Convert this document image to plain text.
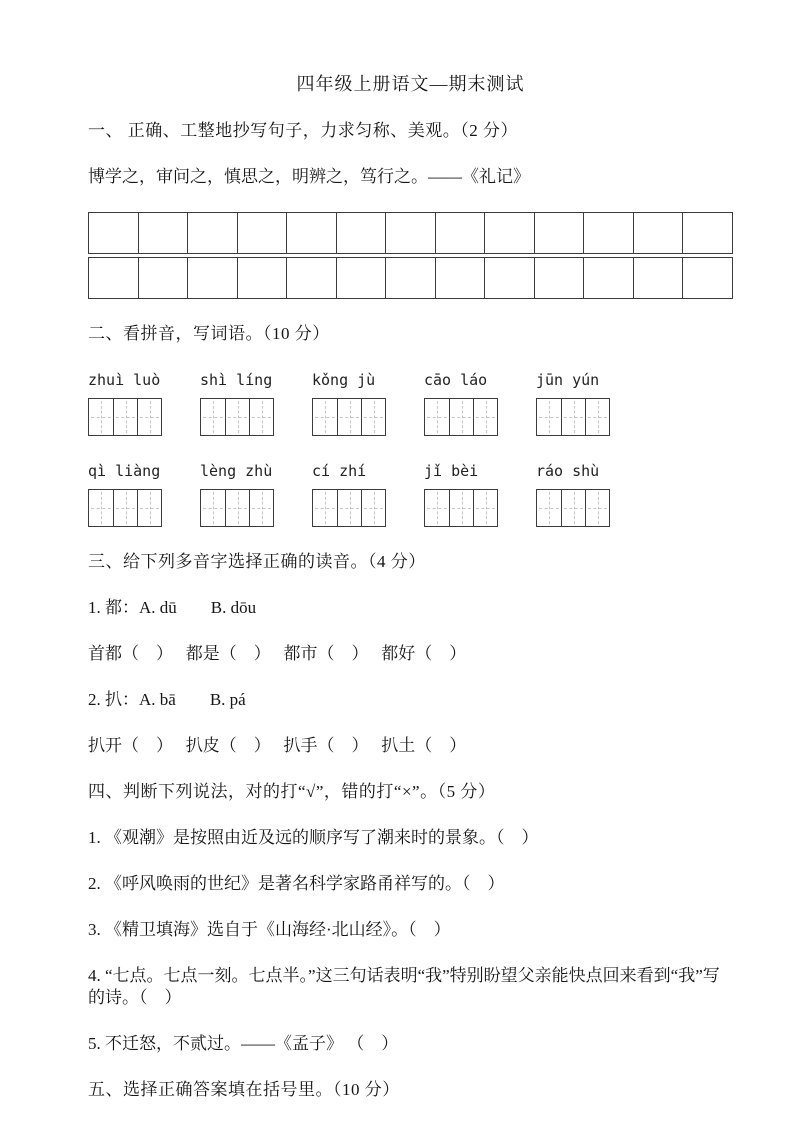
四年级上册语文—期末测试
一、 正确、工整地抄写句子，力求匀称、美观。（2 分）
博学之，审问之，慎思之，明辨之，笃行之。——《礼记》
二、看拼音，写词语。（10 分）
zhuì luò	shì líng	kǒng jù	cāo láo	jūn yún
qì liàng	lèng zhù	cí zhí	jǐ bèi	ráo shù
三、给下列多音字选择正确的读音。（4 分）
1. 都：A. dū　　B. dōu
首都（　）　 都是（　）　 都市（　）　 都好（　）
2. 扒：A. bā　　B. pá
扒开（　）　 扒皮（　）　 扒手（　）　 扒土（　）
四、判断下列说法，对的打“√”，错的打“×”。（5 分）
1. 《观潮》是按照由近及远的顺序写了潮来时的景象。（　）
2. 《呼风唤雨的世纪》是著名科学家路甬祥写的。（　）
3. 《精卫填海》选自于《山海经·北山经》。（　）
4. “七点。七点一刻。七点半。”这三句话表明“我”特别盼望父亲能快点回来看到“我”写的诗。（　）
5. 不迁怒，不贰过。——《孟子》 （　）
五、选择正确答案填在括号里。（10 分）
